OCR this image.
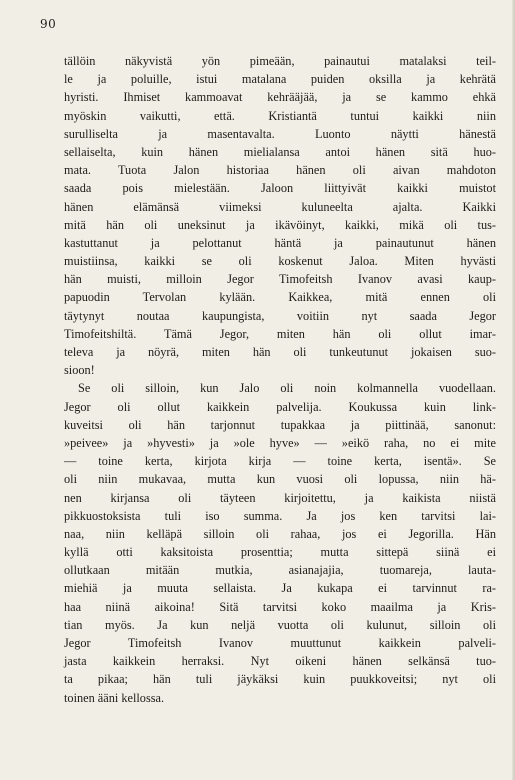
90
tällöin näkyvistä yön pimeään, painautui matalaksi teil-
le ja poluille, istui matalana puiden oksilla ja kehrätä
hyristi. Ihmiset kammoavat kehrääjää, ja se kammo ehkä
myöskin vaikutti, että. Kristiantä tuntui kaikki niin
surulliselta ja masentavalta. Luonto näytti hänestä
sellaiselta, kuin hänen mielialansa antoi hänen sitä huo-
mata. Tuota Jalon historiaa hänen oli aivan mahdoton
saada pois mielestään. Jaloon liittyivät kaikki muistot
hänen elämänsä viimeksi kuluneelta ajalta. Kaikki
mitä hän oli uneksinut ja ikävöinyt, kaikki, mikä oli tus-
kastuttanut ja pelottanut häntä ja painautunut hänen
muistiinsa, kaikki se oli koskenut Jaloa. Miten hyvästi
hän muisti, milloin Jegor Timofeitsh Ivanov avasi kaup-
papuodin Tervolan kylään. Kaikkea, mitä ennen oli
täytynyt noutaa kaupungista, voitiin nyt saada Jegor
Timofeitshiltä. Tämä Jegor, miten hän oli ollut imar-
televa ja nöyrä, miten hän oli tunkeutunut jokaisen suo-
sioon!
Se oli silloin, kun Jalo oli noin kolmannella vuodellaan.
Jegor oli ollut kaikkein palvelija. Koukussa kuin link-
kuveitsi oli hän tarjonnut tupakkaa ja piittinää, sanonut:
»peivee» ja »hyvesti» ja »ole hyve» — »eikö raha, no ei mite
— toine kerta, kirjota kirja — toine kerta, isentä». Se
oli niin mukavaa, mutta kun vuosi oli lopussa, niin hä-
nen kirjansa oli täyteen kirjoitettu, ja kaikista niistä
pikkuostoksista tuli iso summa. Ja jos ken tarvitsi lai-
naa, niin kelläpä silloin oli rahaa, jos ei Jegorilla. Hän
kyllä otti kaksitoista prosenttia; mutta sittepä siinä ei
ollutkaan mitään mutkia, asianajajia, tuomareja, lauta-
miehiä ja muuta sellaista. Ja kukapa ei tarvinnut ra-
haa niinä aikoina! Sitä tarvitsi koko maailma ja Kris-
tian myös. Ja kun neljä vuotta oli kulunut, silloin oli
Jegor Timofeitsh Ivanov muuttunut kaikkein palveli-
jasta kaikkein herraksi. Nyt oikeni hänen selkänsä tuo-
ta pikaa; hän tuli jäykäksi kuin puukkoveitsi; nyt oli
toinen ääni kellossa.
